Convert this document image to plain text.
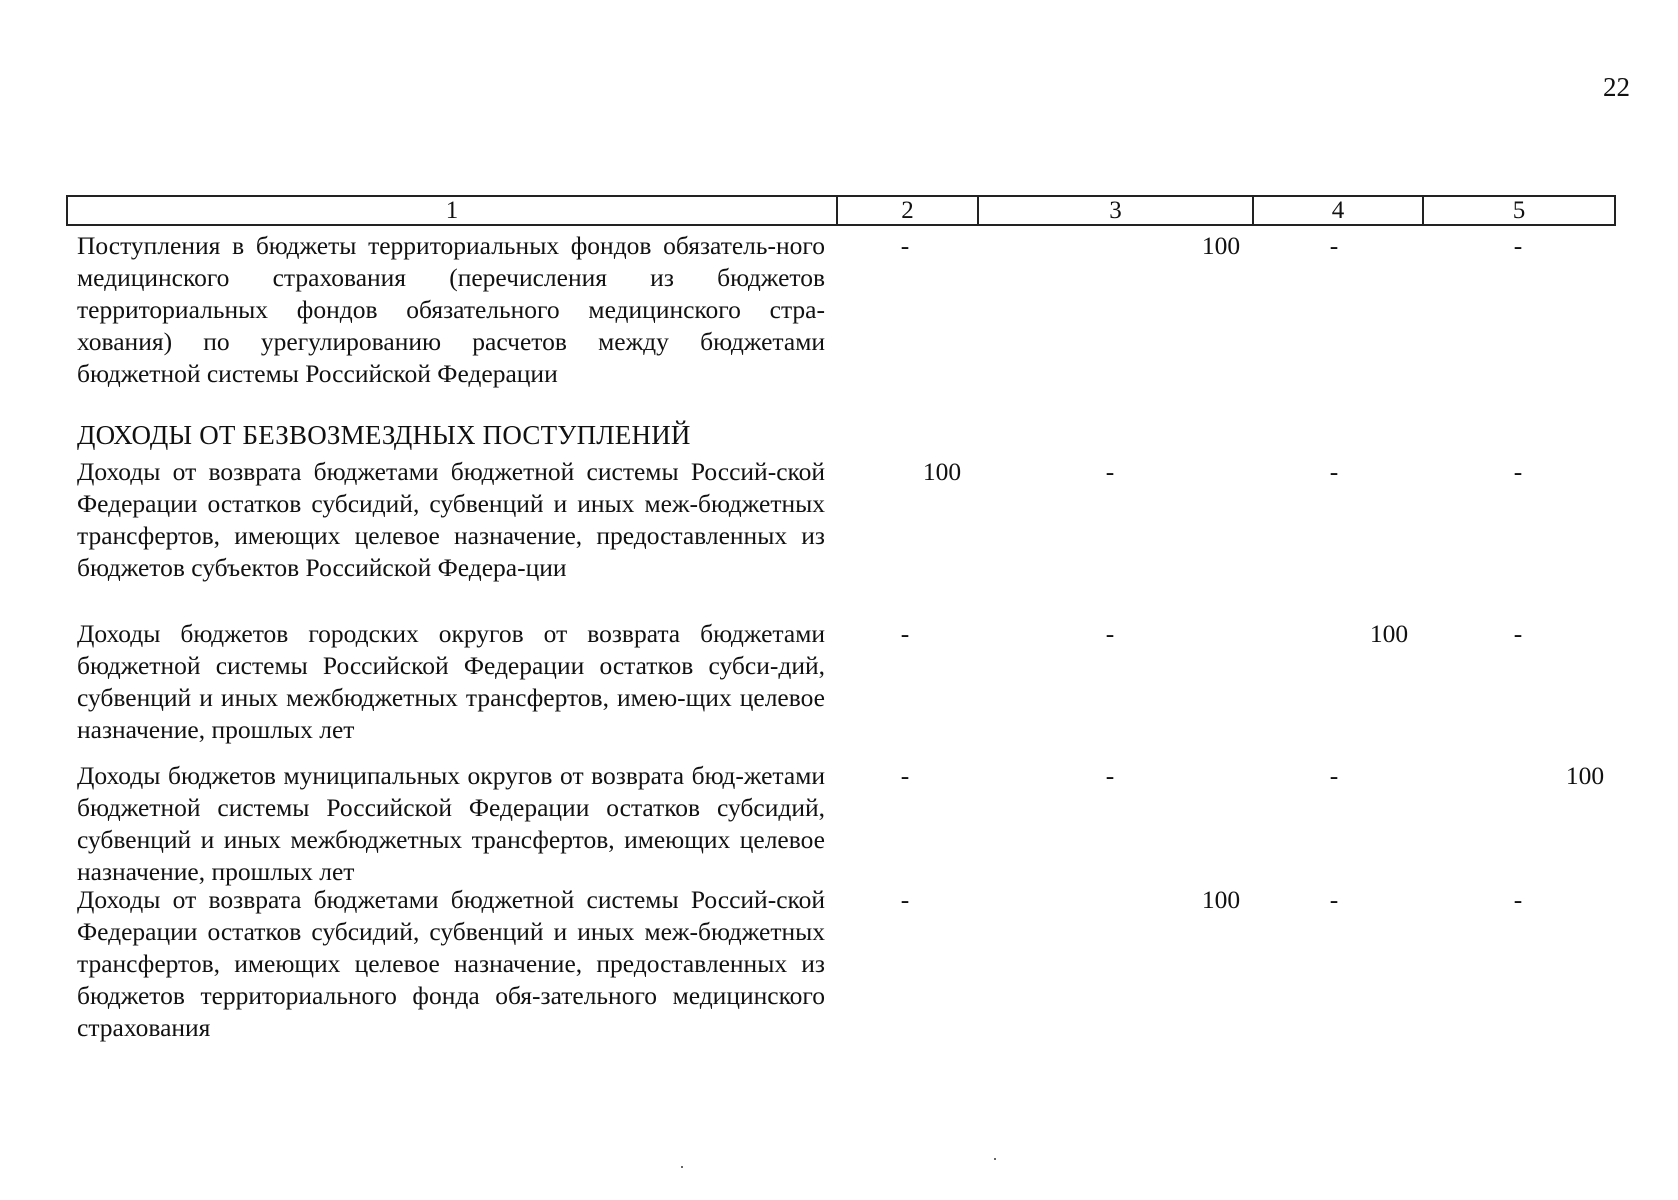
22
1	2	3	4	5
Поступления в бюджеты территориальных фондов обязатель-ного медицинского страхования (перечисления из бюджетов территориальных фондов обязательного медицинского стра-хования) по урегулированию расчетов между бюджетами бюджетной системы Российской Федерации
-	100	-	-
ДОХОДЫ ОТ БЕЗВОЗМЕЗДНЫХ ПОСТУПЛЕНИЙ
Доходы от возврата бюджетами бюджетной системы Россий-ской Федерации остатков субсидий, субвенций и иных меж-бюджетных трансфертов, имеющих целевое назначение, предоставленных из бюджетов субъектов Российской Федера-ции
100	-	-	-
Доходы бюджетов городских округов от возврата бюджетами бюджетной системы Российской Федерации остатков субси-дий, субвенций и иных межбюджетных трансфертов, имею-щих целевое назначение, прошлых лет
-	-	100	-
Доходы бюджетов муниципальных округов от возврата бюд-жетами бюджетной системы Российской Федерации остатков субсидий, субвенций и иных межбюджетных трансфертов, имеющих целевое назначение, прошлых лет
-	-	-	100
Доходы от возврата бюджетами бюджетной системы Россий-ской Федерации остатков субсидий, субвенций и иных меж-бюджетных трансфертов, имеющих целевое назначение, предоставленных из бюджетов территориального фонда обя-зательного медицинского страхования
-	100	-	-
